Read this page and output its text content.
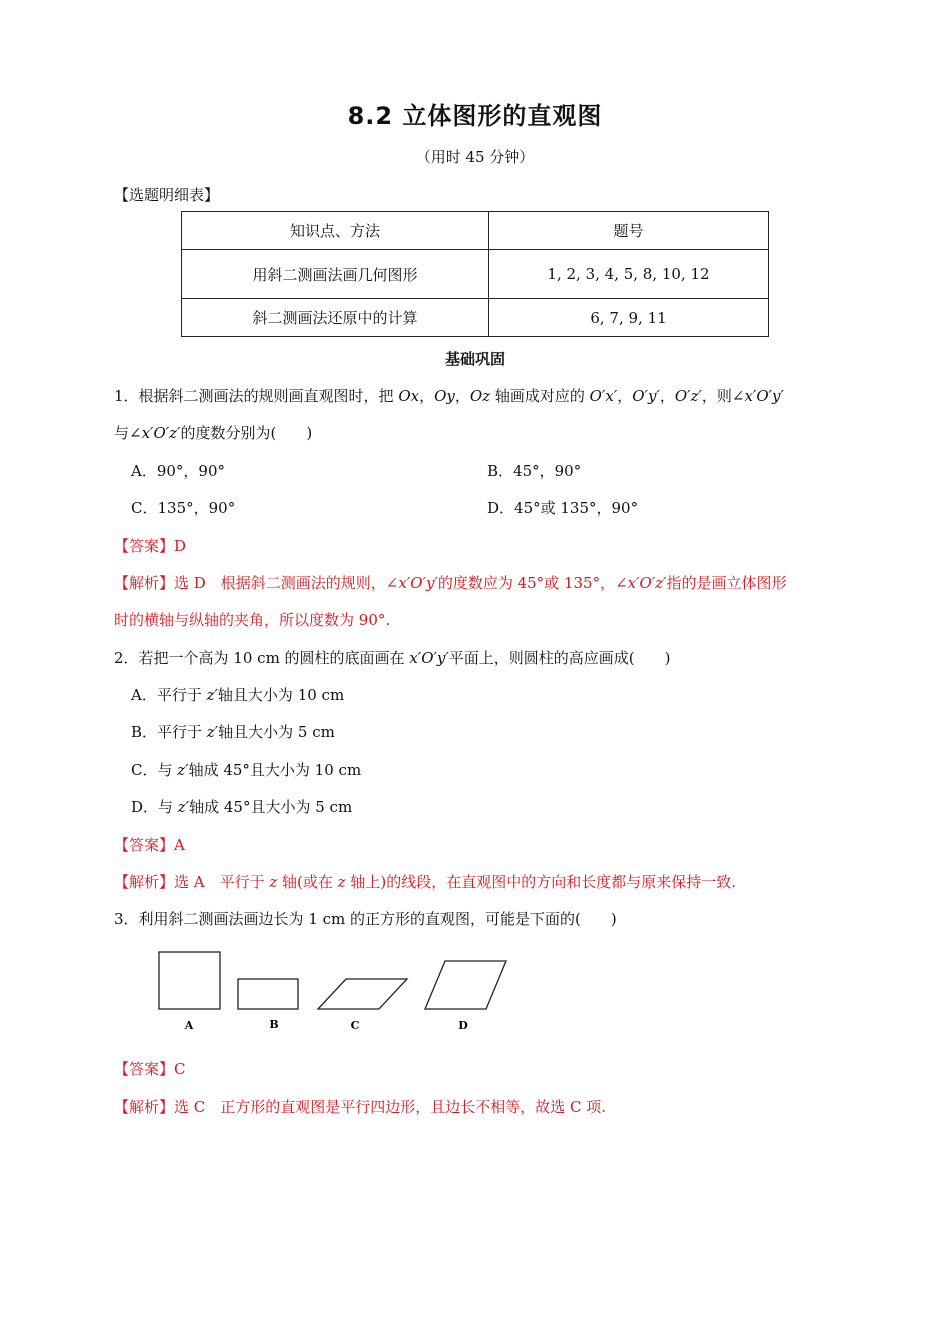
8.2 立体图形的直观图
（用时 45 分钟）
【选题明细表】
知识点、方法	题号
用斜二测画法画几何图形	1, 2, 3, 4, 5, 8, 10, 12
斜二测画法还原中的计算	6, 7, 9, 11
基础巩固
1．根据斜二测画法的规则画直观图时，把 Ox，Oy，Oz 轴画成对应的 O′x′，O′y′，O′z′，则∠x′O′y′
与∠x′O′z′的度数分别为(　　)
A．90°，90°	B．45°，90°
C．135°，90°	D．45°或 135°，90°
【答案】D
【解析】选 D　根据斜二测画法的规则，∠x′O′y′的度数应为 45°或 135°，∠x′O′z′指的是画立体图形
时的横轴与纵轴的夹角，所以度数为 90°.
2．若把一个高为 10 cm 的圆柱的底面画在 x′O′y′平面上，则圆柱的高应画成(　　)
A．平行于 z′轴且大小为 10 cm
B．平行于 z′轴且大小为 5 cm
C．与 z′轴成 45°且大小为 10 cm
D．与 z′轴成 45°且大小为 5 cm
【答案】A
【解析】选 A　平行于 z 轴(或在 z 轴上)的线段，在直观图中的方向和长度都与原来保持一致.
3．利用斜二测画法画边长为 1 cm 的正方形的直观图，可能是下面的(　　)
A	B	C	D
【答案】C
【解析】选 C　正方形的直观图是平行四边形，且边长不相等，故选 C 项.
